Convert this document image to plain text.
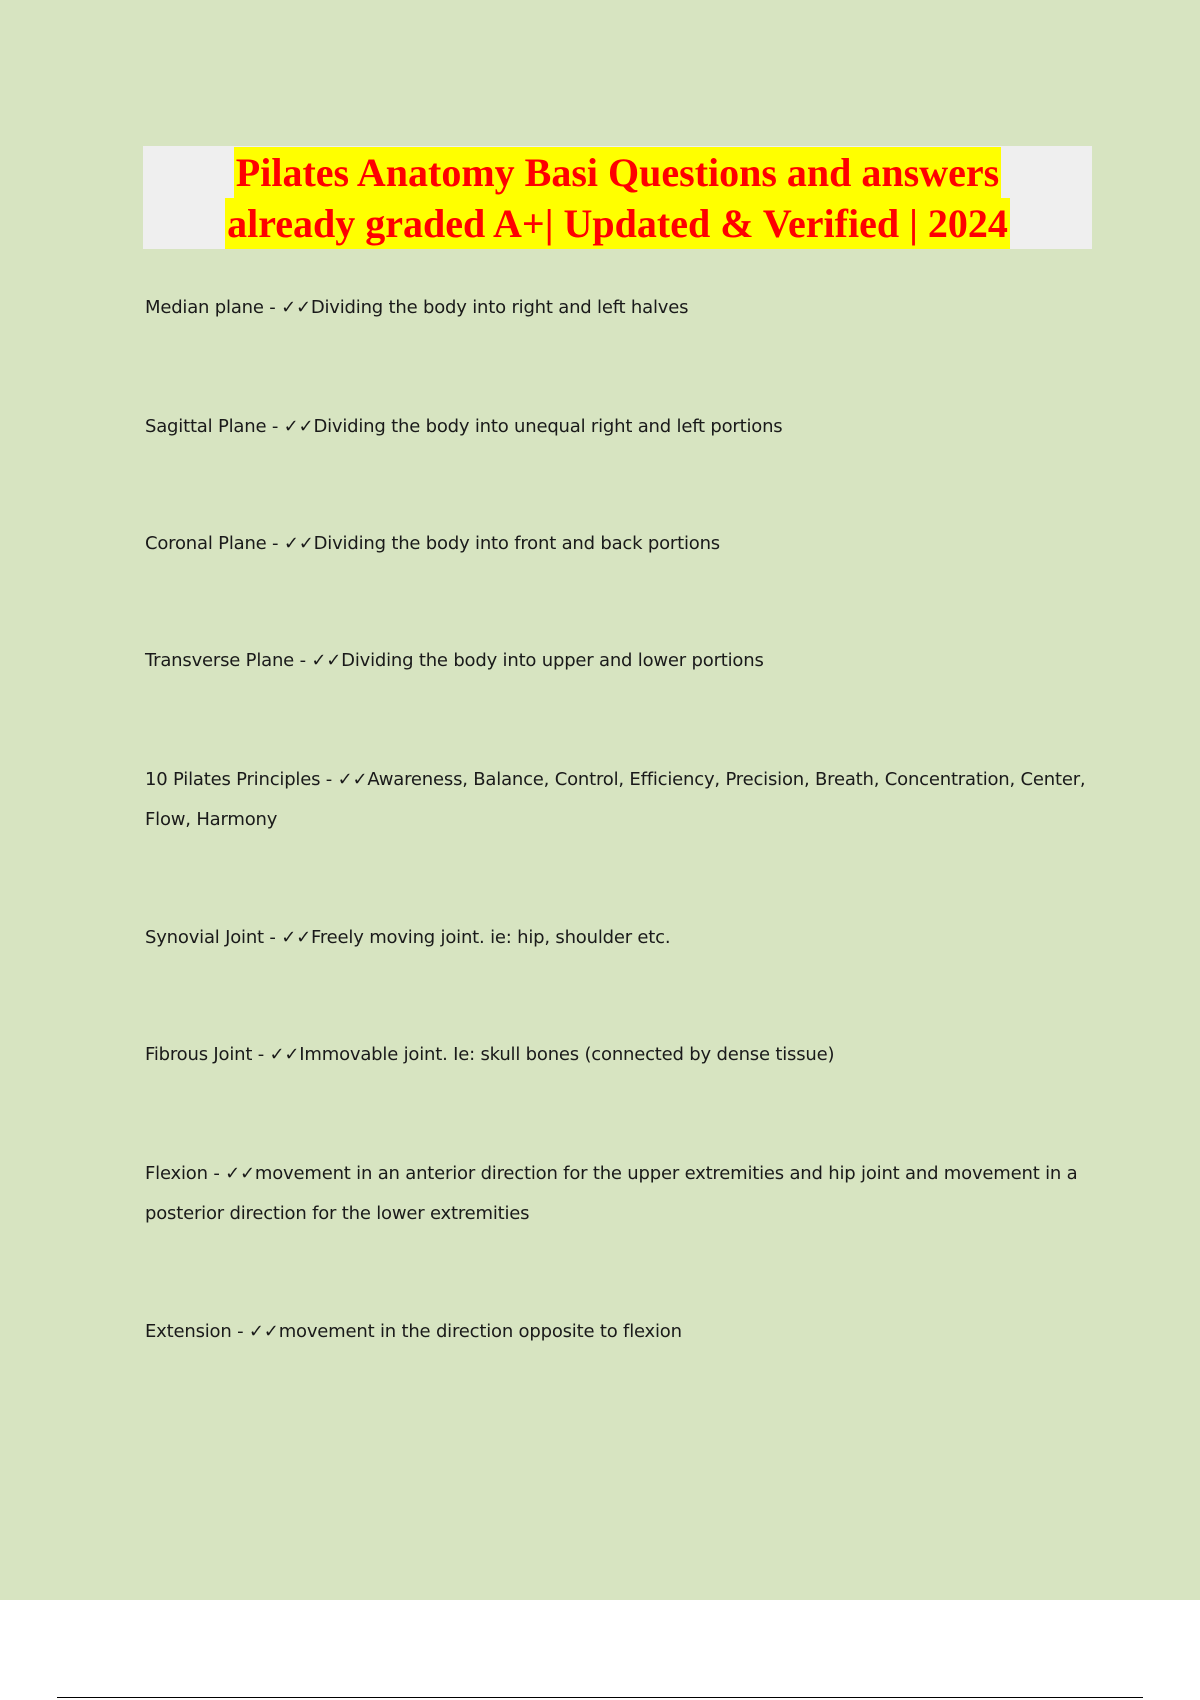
Pilates Anatomy Basi Questions and answers
already graded A+| Updated & Verified | 2024
Median plane - ✓✓Dividing the body into right and left halves
Sagittal Plane - ✓✓Dividing the body into unequal right and left portions
Coronal Plane - ✓✓Dividing the body into front and back portions
Transverse Plane - ✓✓Dividing the body into upper and lower portions
10 Pilates Principles - ✓✓Awareness, Balance, Control, Efficiency, Precision, Breath, Concentration, Center, Flow, Harmony
Synovial Joint - ✓✓Freely moving joint. ie: hip, shoulder etc.
Fibrous Joint - ✓✓Immovable joint. Ie: skull bones (connected by dense tissue)
Flexion - ✓✓movement in an anterior direction for the upper extremities and hip joint and movement in a posterior direction for the lower extremities
Extension - ✓✓movement in the direction opposite to flexion
